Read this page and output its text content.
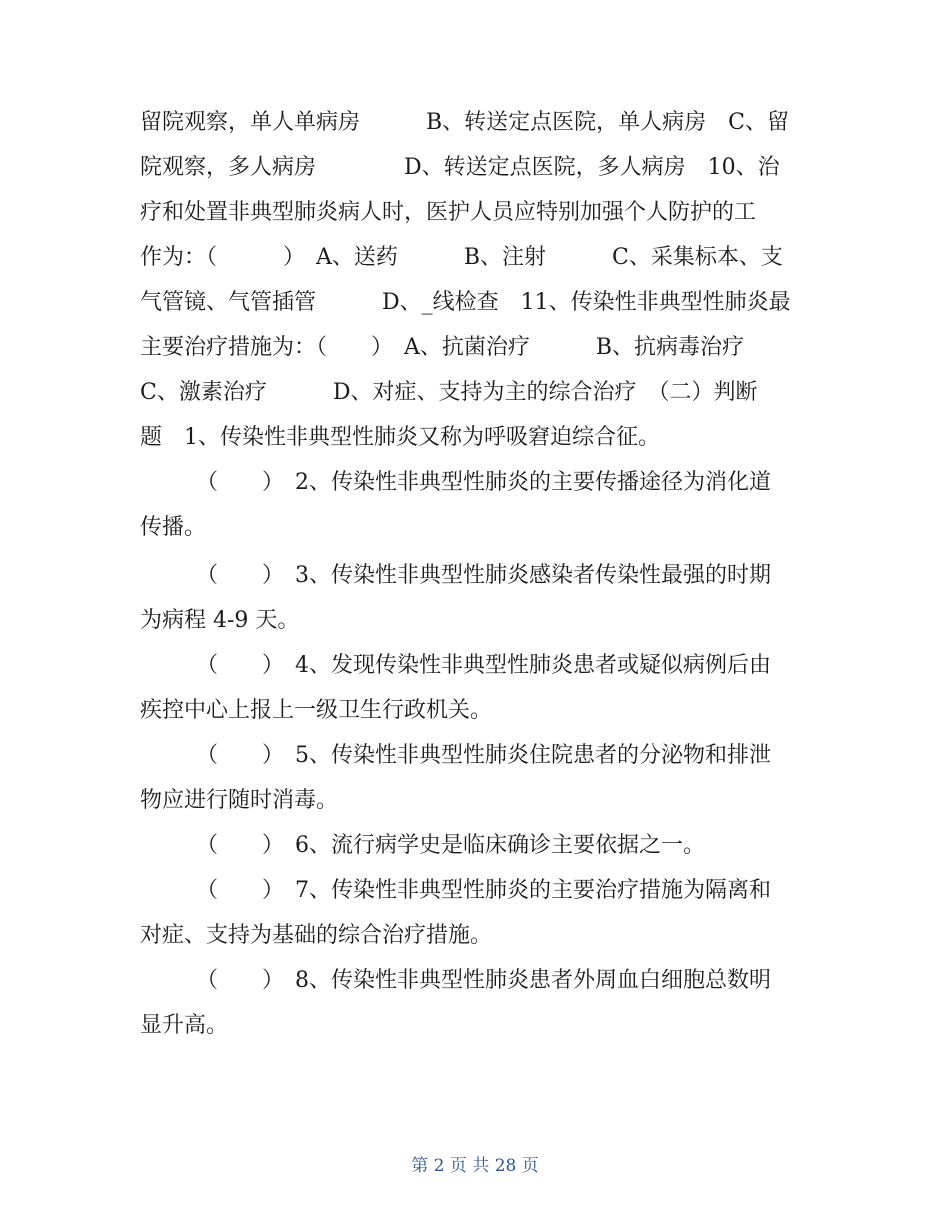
留院观察，单人单病房　　　B、转送定点医院，单人病房　C、留
院观察，多人病房　　　　D、转送定点医院，多人病房　10、治
疗和处置非典型肺炎病人时，医护人员应特别加强个人防护的工
作为：（　　　）　A、送药　　　B、注射　　　C、采集标本、支
气管镜、气管插管　　　D、_线检查　11、传染性非典型性肺炎最
主要治疗措施为：（　　）　A、抗菌治疗　　　B、抗病毒治疗
C、激素治疗　　　D、对症、支持为主的综合治疗　（二）判断
题　1、传染性非典型性肺炎又称为呼吸窘迫综合征。
（　　）　2、传染性非典型性肺炎的主要传播途径为消化道
传播。
（　　）　3、传染性非典型性肺炎感染者传染性最强的时期
为病程 4-9 天。
（　　）　4、发现传染性非典型性肺炎患者或疑似病例后由
疾控中心上报上一级卫生行政机关。
（　　）　5、传染性非典型性肺炎住院患者的分泌物和排泄
物应进行随时消毒。
（　　）　6、流行病学史是临床确诊主要依据之一。
（　　）　7、传染性非典型性肺炎的主要治疗措施为隔离和
对症、支持为基础的综合治疗措施。
（　　）　8、传染性非典型性肺炎患者外周血白细胞总数明
显升高。
第 2 页 共 28 页
